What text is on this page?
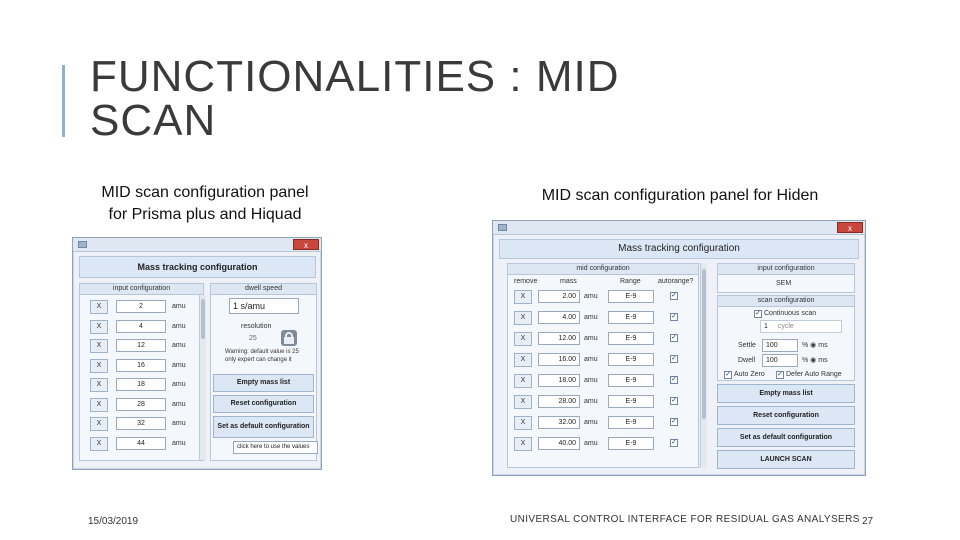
FUNCTIONALITIES : MID
SCAN
MID scan configuration panel
for Prisma plus and Hiquad
MID scan configuration panel for Hiden
x
Mass tracking configuration
input configuration
X	2	amu
X	4	amu
X	12	amu
X	16	amu
X	18	amu
X	28	amu
X	32	amu
X	44	amu
dwell speed
1 s/amu
resolution
25
Warning: default value is 25
only expert can change it
Empty mass list
Reset configuration
Set as default configuration
click here to use the values
x
Mass tracking configuration
mid configuration
remove	mass	Range autorange?
X	2.00	amu	E-9	✓
X	4.00	amu	E-9	✓
X	12.00	amu	E-9	✓
X	16.00	amu	E-9	✓
X	18.00	amu	E-9	✓
X	28.00	amu	E-9	✓
X	32.00	amu	E-9	✓
X	40.00	amu	E-9	✓
input configuration
SEM
scan configuration
✓ Continuous scan
1 cycle
Settle	100	% ◉ ms
Dwell	100	% ◉ ms
✓ Auto Zero ✓ Defer Auto Range
Empty mass list
Reset configuration
Set as default configuration
LAUNCH SCAN
15/03/2019	UNIVERSAL CONTROL INTERFACE FOR RESIDUAL GAS ANALYSERS 27
